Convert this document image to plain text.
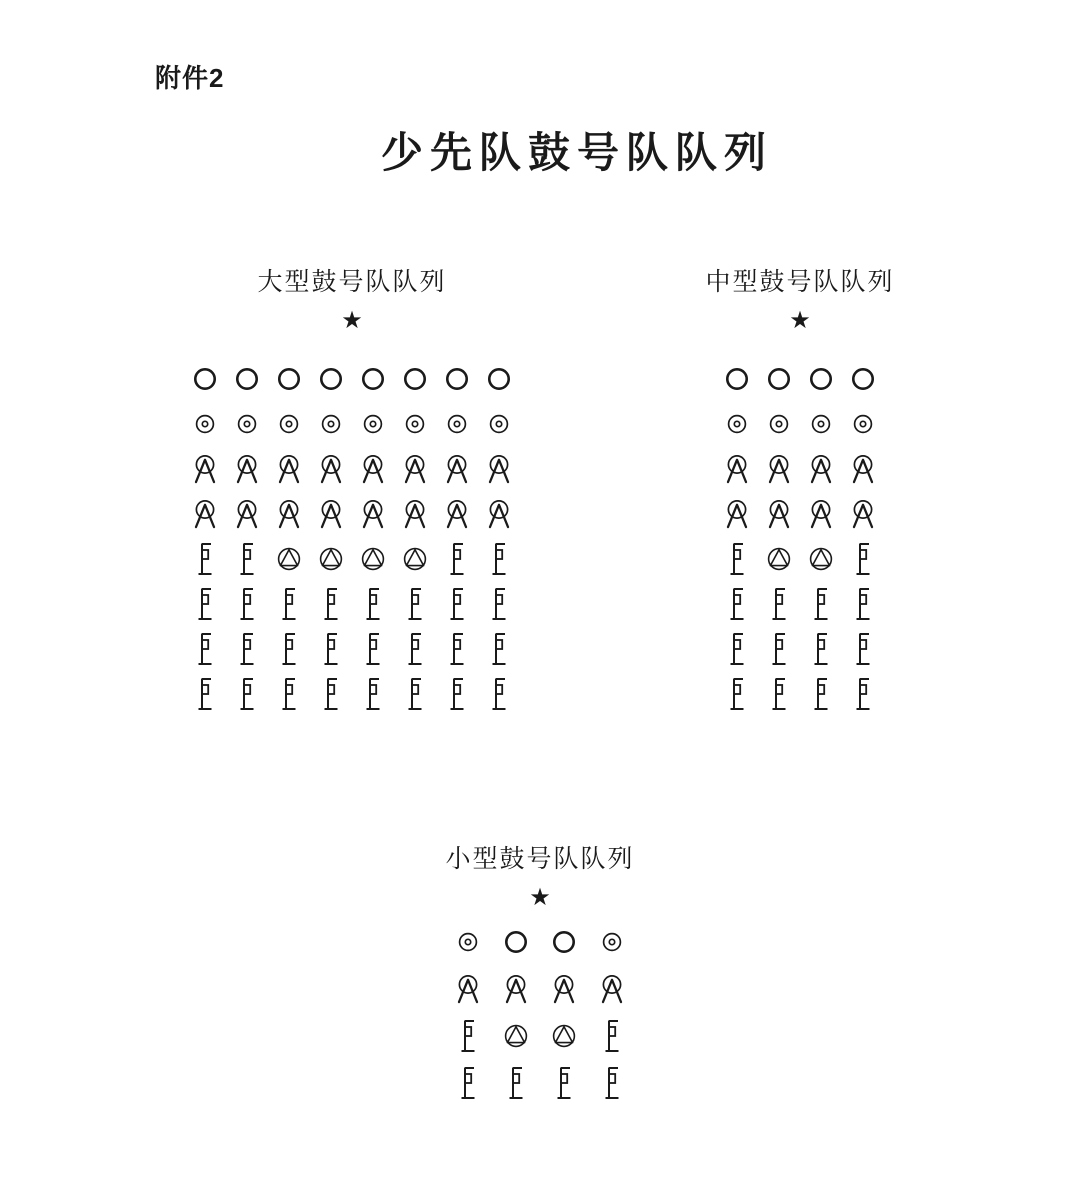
附件2
少先队鼓号队队列
大型鼓号队队列
★
中型鼓号队队列
★
小型鼓号队队列
★
